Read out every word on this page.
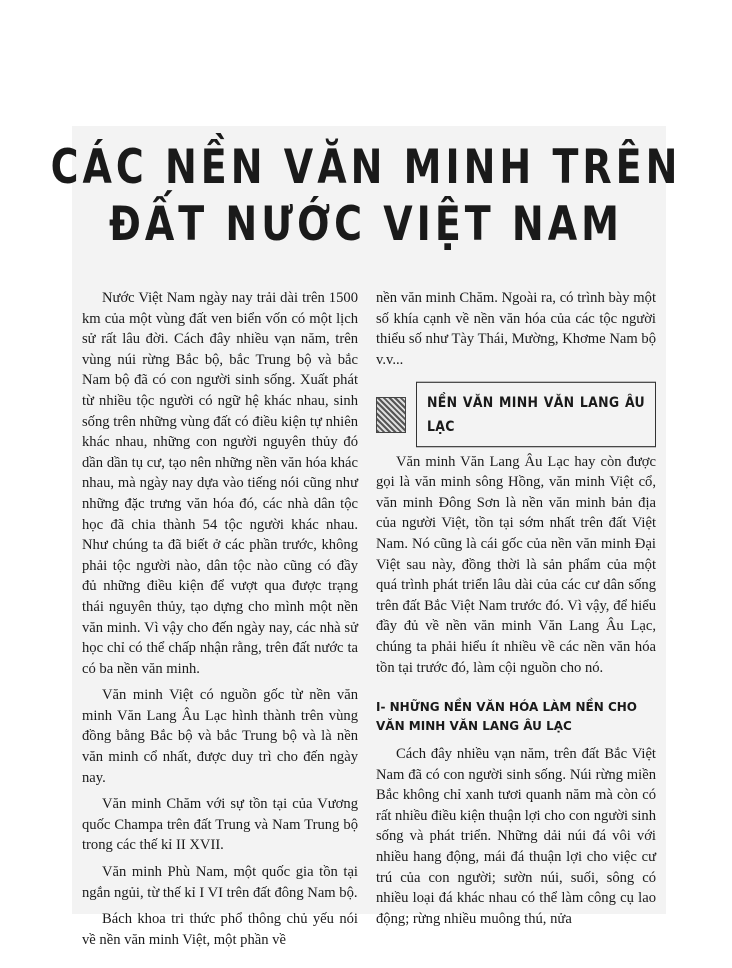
CÁC NỀN VĂN MINH TRÊN
ĐẤT NƯỚC VIỆT NAM

Nước Việt Nam ngày nay trải dài trên 1500 km của một vùng đất ven biển vốn có một lịch sử rất lâu đời. Cách đây nhiều vạn năm, trên vùng núi rừng Bắc bộ, bắc Trung bộ và bắc Nam bộ đã có con người sinh sống. Xuất phát từ nhiều tộc người có ngữ hệ khác nhau, sinh sống trên những vùng đất có điều kiện tự nhiên khác nhau, những con người nguyên thủy đó dần dần tụ cư, tạo nên những nền văn hóa khác nhau, mà ngày nay dựa vào tiếng nói cũng như những đặc trưng văn hóa đó, các nhà dân tộc học đã chia thành 54 tộc người khác nhau. Như chúng ta đã biết ở các phần trước, không phải tộc người nào, dân tộc nào cũng có đầy đủ những điều kiện để vượt qua được trạng thái nguyên thủy, tạo dựng cho mình một nền văn minh. Vì vậy cho đến ngày nay, các nhà sử học chỉ có thể chấp nhận rằng, trên đất nước ta có ba nền văn minh.

Văn minh Việt có nguồn gốc từ nền văn minh Văn Lang Âu Lạc hình thành trên vùng đồng bằng Bắc bộ và bắc Trung bộ và là nền văn minh cổ nhất, được duy trì cho đến ngày nay.

Văn minh Chăm với sự tồn tại của Vương quốc Champa trên đất Trung và Nam Trung bộ trong các thế kỉ II XVII.

Văn minh Phù Nam, một quốc gia tồn tại ngắn ngủi, từ thế kỉ I VI trên đất đông Nam bộ.

Bách khoa tri thức phổ thông chủ yếu nói về nền văn minh Việt, một phần về

nền văn minh Chăm. Ngoài ra, có trình bày một số khía cạnh về nền văn hóa của các tộc người thiểu số như Tày Thái, Mường, Khơme Nam bộ v.v...

NỀN VĂN MINH VĂN LANG ÂU LẠC

Văn minh Văn Lang Âu Lạc hay còn được gọi là văn minh sông Hồng, văn minh Việt cổ, văn minh Đông Sơn là nền văn minh bản địa của người Việt, tồn tại sớm nhất trên đất Việt Nam. Nó cũng là cái gốc của nền văn minh Đại Việt sau này, đồng thời là sản phẩm của một quá trình phát triển lâu dài của các cư dân sống trên đất Bắc Việt Nam trước đó. Vì vậy, để hiểu đầy đủ về nền văn minh Văn Lang Âu Lạc, chúng ta phải hiểu ít nhiều về các nền văn hóa tồn tại trước đó, làm cội nguồn cho nó.

I- NHỮNG NỀN VĂN HÓA LÀM NỀN CHO VĂN MINH VĂN LANG ÂU LẠC

Cách đây nhiều vạn năm, trên đất Bắc Việt Nam đã có con người sinh sống. Núi rừng miền Bắc không chỉ xanh tươi quanh năm mà còn có rất nhiều điều kiện thuận lợi cho con người sinh sống và phát triển. Những dải núi đá vôi với nhiều hang động, mái đá thuận lợi cho việc cư trú của con người; sườn núi, suối, sông có nhiều loại đá khác nhau có thể làm công cụ lao động; rừng nhiều muông thú, nửa
